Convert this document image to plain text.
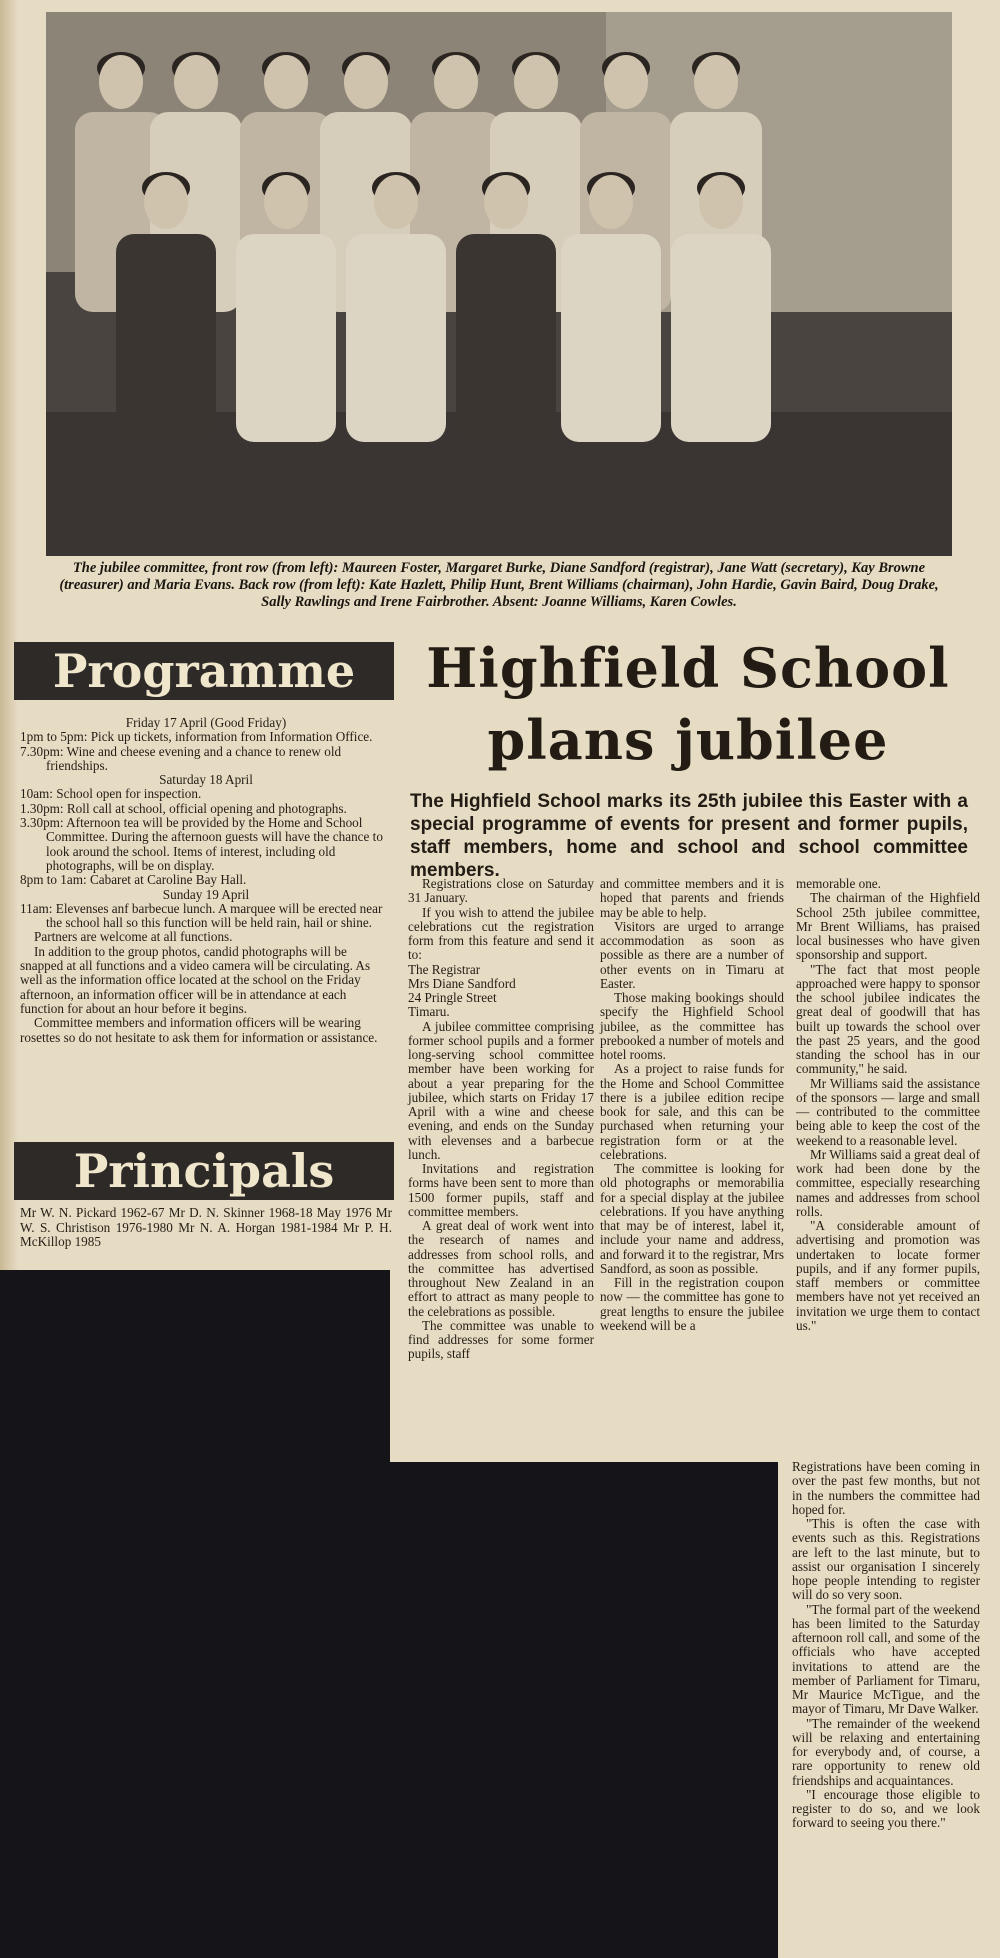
The jubilee committee, front row (from left): Maureen Foster, Margaret Burke, Diane Sandford (registrar), Jane Watt (secretary), Kay Browne (treasurer) and Maria Evans. Back row (from left): Kate Hazlett, Philip Hunt, Brent Williams (chairman), John Hardie, Gavin Baird, Doug Drake, Sally Rawlings and Irene Fairbrother. Absent: Joanne Williams, Karen Cowles.
Programme
Friday 17 April (Good Friday)
1pm to 5pm: Pick up tickets, information from Information Office.
7.30pm: Wine and cheese evening and a chance to renew old friendships.
Saturday 18 April
10am: School open for inspection.
1.30pm: Roll call at school, official opening and photographs.
3.30pm: Afternoon tea will be provided by the Home and School Committee. During the afternoon guests will have the chance to look around the school. Items of interest, including old photographs, will be on display.
8pm to 1am: Cabaret at Caroline Bay Hall.
Sunday 19 April
11am: Elevenses anf barbecue lunch. A marquee will be erected near the school hall so this function will be held rain, hail or shine.
Partners are welcome at all functions.
In addition to the group photos, candid photographs will be snapped at all functions and a video camera will be circulating. As well as the information office located at the school on the Friday afternoon, an information officer will be in attendance at each function for about an hour before it begins.
Committee members and information officers will be wearing rosettes so do not hesitate to ask them for information or assistance.
Principals
Mr W. N. Pickard 1962-67 Mr D. N. Skinner 1968-18 May 1976 Mr W. S. Christison 1976-1980 Mr N. A. Horgan 1981-1984 Mr P. H. McKillop 1985
Highfield School plans jubilee
The Highfield School marks its 25th jubilee this Easter with a special programme of events for present and former pupils, staff members, home and school and school committee members.

Registrations close on Saturday 31 January.

If you wish to attend the jubilee celebrations cut the registration form from this feature and send it to:

The Registrar

Mrs Diane Sandford

24 Pringle Street

Timaru.

A jubilee committee comprising former school pupils and a former long-serving school committee member have been working for about a year preparing for the jubilee, which starts on Friday 17 April with a wine and cheese evening, and ends on the Sunday with elevenses and a barbecue lunch.

Invitations and registration forms have been sent to more than 1500 former pupils, staff and committee members.

A great deal of work went into the research of names and addresses from school rolls, and the committee has advertised throughout New Zealand in an effort to attract as many people to the celebrations as possible.

The committee was unable to find addresses for some former pupils, staff

and committee members and it is hoped that parents and friends may be able to help.

Visitors are urged to arrange accommodation as soon as possible as there are a number of other events on in Timaru at Easter.

Those making bookings should specify the Highfield School jubilee, as the committee has prebooked a number of motels and hotel rooms.

As a project to raise funds for the Home and School Committee there is a jubilee edition recipe book for sale, and this can be purchased when returning your registration form or at the celebrations.

The committee is looking for old photographs or memorabilia for a special display at the jubilee celebrations. If you have anything that may be of interest, label it, include your name and address, and forward it to the registrar, Mrs Sandford, as soon as possible.

Fill in the registration coupon now — the committee has gone to great lengths to ensure the jubilee weekend will be a

memorable one.

The chairman of the Highfield School 25th jubilee committee, Mr Brent Williams, has praised local businesses who have given sponsorship and support.

"The fact that most people approached were happy to sponsor the school jubilee indicates the great deal of goodwill that has built up towards the school over the past 25 years, and the good standing the school has in our community," he said.

Mr Williams said the assistance of the sponsors — large and small — contributed to the committee being able to keep the cost of the weekend to a reasonable level.

Mr Williams said a great deal of work had been done by the committee, especially researching names and addresses from school rolls.

"A considerable amount of advertising and promotion was undertaken to locate former pupils, and if any former pupils, staff members or committee members have not yet received an invitation we urge them to contact us."

Registrations have been coming in over the past few months, but not in the numbers the committee had hoped for.

"This is often the case with events such as this. Registrations are left to the last minute, but to assist our organisation I sincerely hope people intending to register will do so very soon.

"The formal part of the weekend has been limited to the Saturday afternoon roll call, and some of the officials who have accepted invitations to attend are the member of Parliament for Timaru, Mr Maurice McTigue, and the mayor of Timaru, Mr Dave Walker.

"The remainder of the weekend will be relaxing and entertaining for everybody and, of course, a rare opportunity to renew old friendships and acquaintances.

"I encourage those eligible to register to do so, and we look forward to seeing you there."
